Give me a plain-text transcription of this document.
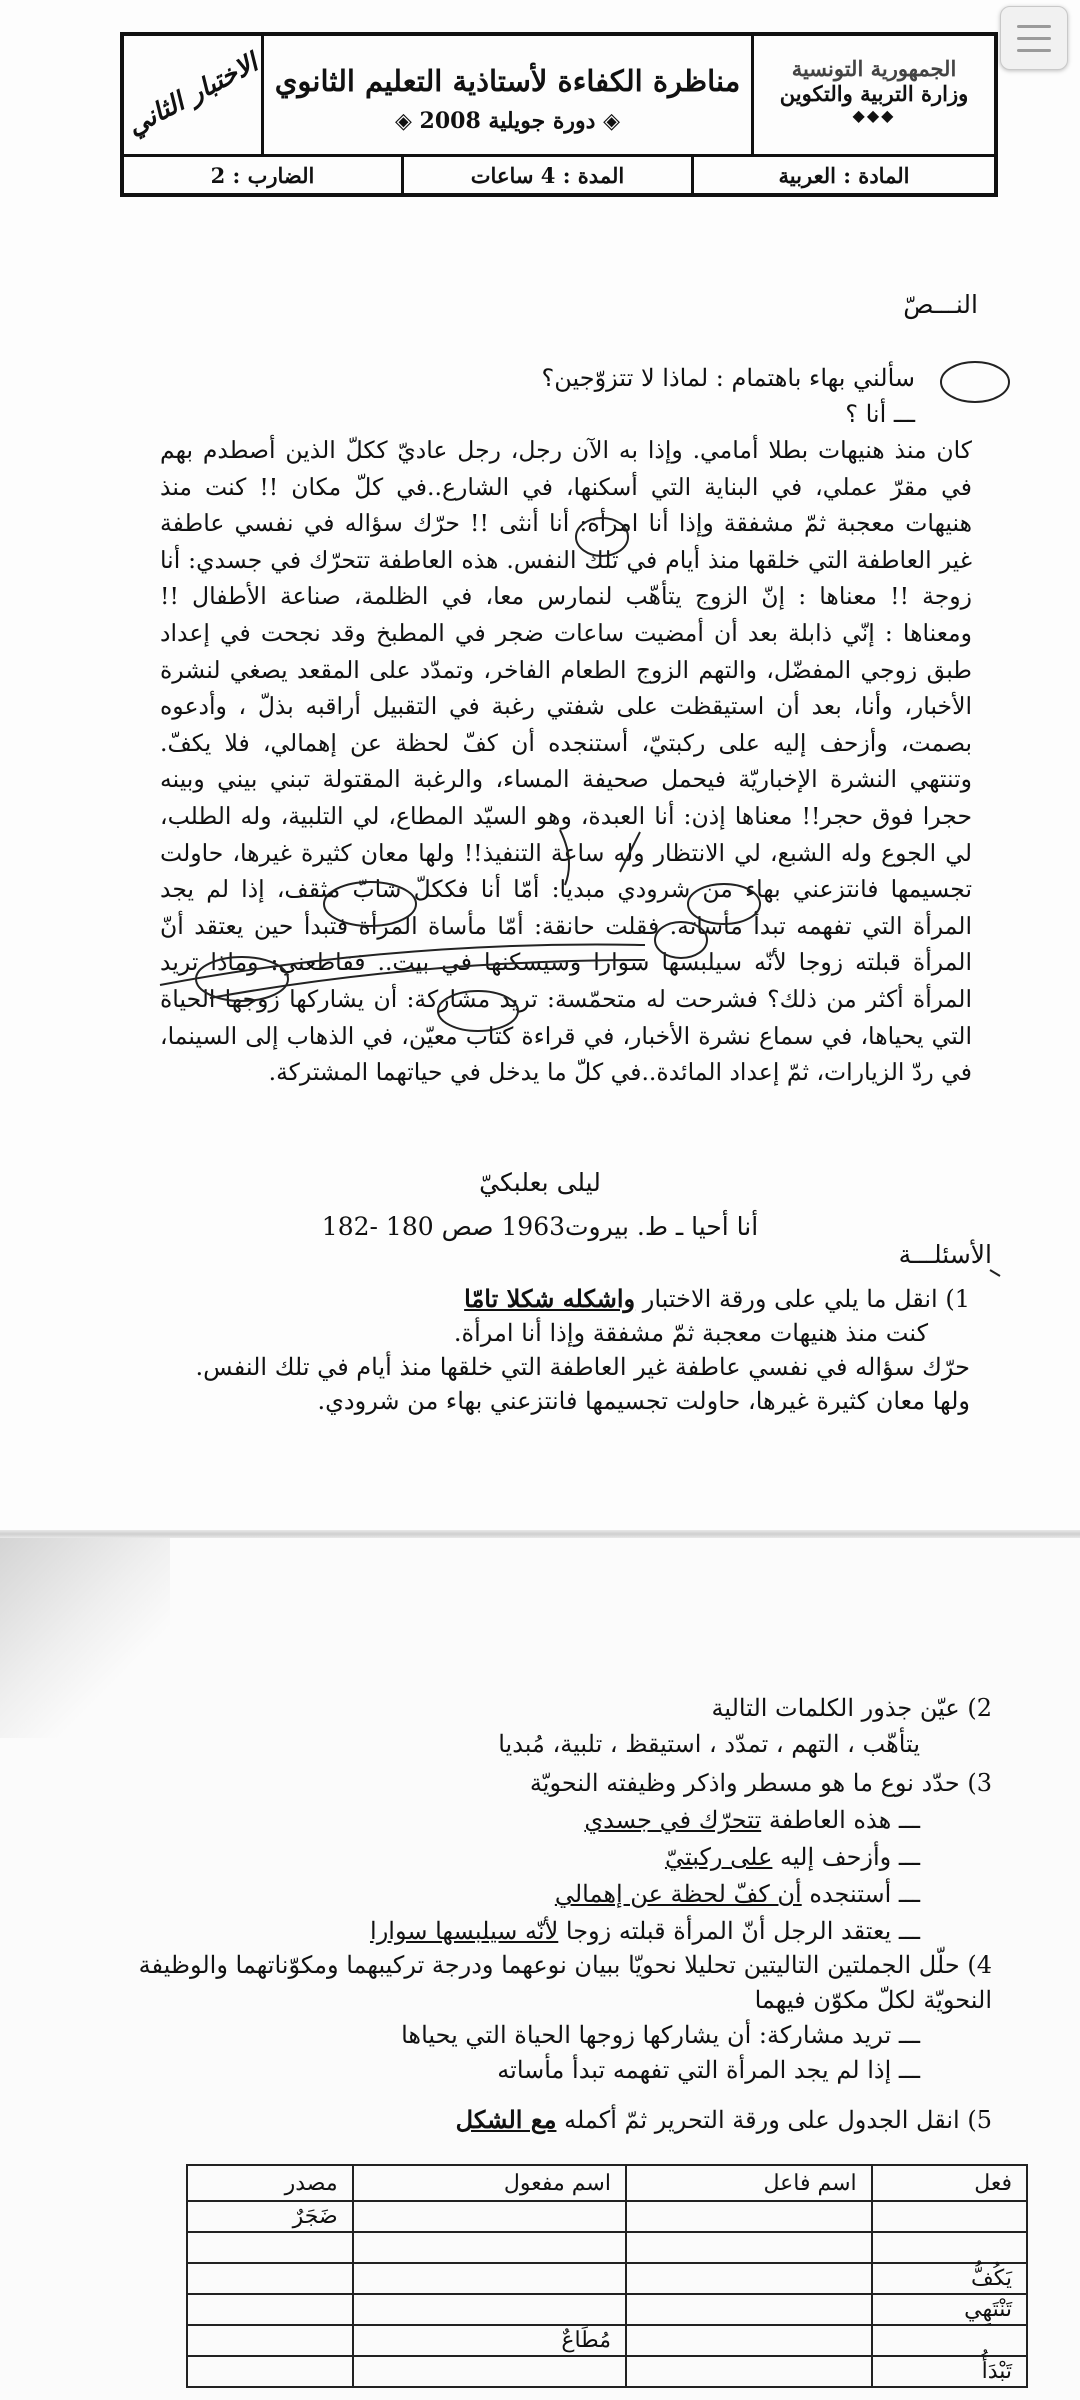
الاختبار الثاني مناظرة الكفاءة لأستاذية التعليم الثانوي
◈ دورة جويلية 2008 ◈
الجمهورية التونسية
وزارة التربية والتكوين
◆◆◆
الضارب : 2	المدة : 4 ساعات	المادة : العربية
النـــصّ
سألني بهاء باهتمام : لماذا لا تتزوّجين؟
ـــ أنا ؟
كان منذ هنيهات بطلا أمامي. وإذا به الآن رجل، رجل عاديّ ككلّ الذين أصطدم بهم في مقرّ عملي، في البناية التي أسكنها، في الشارع..في كلّ مكان !! كنت منذ هنيهات معجبة ثمّ مشفقة وإذا أنا امرأة: أنا أنثى !! حرّك سؤاله في نفسي عاطفة غير العاطفة التي خلقها منذ أيام في تلك النفس. هذه العاطفة تتحرّك في جسدي: أنا زوجة !! معناها : إنّ الزوج يتأهّب لنمارس معا، في الظلمة، صناعة الأطفال !! ومعناها : إنّي ذابلة بعد أن أمضيت ساعات ضجر في المطبخ وقد نجحت في إعداد طبق زوجي المفضّل، والتهم الزوج الطعام الفاخر، وتمدّد على المقعد يصغي لنشرة الأخبار، وأنا، بعد أن استيقظت على شفتي رغبة في التقبيل أراقبه بذلّ ، وأدعوه بصمت، وأزحف إليه على ركبتيّ، أستنجده أن كفّ لحظة عن إهمالي، فلا يكفّ. وتنتهي النشرة الإخباريّة فيحمل صحيفة المساء، والرغبة المقتولة تبني بيني وبينه حجرا فوق حجر!! معناها إذن: أنا العبدة، وهو السيّد المطاع، لي التلبية، وله الطلب، لي الجوع وله الشبع، لي الانتظار وله ساعة التنفيذ!! ولها معان كثيرة غيرها، حاولت تجسيمها فانتزعني بهاء من شرودي مبديا: أمّا أنا فككلّ شابّ مثقف، إذا لم يجد المرأة التي تفهمه تبدأ مأساته. فقلت حانقة: أمّا مأساة المرأة فتبدأ حين يعتقد أنّ المرأة قبلته زوجا لأنّه سيلبسها سوارا وسيسكنها في بيت.. فقاطعني: وماذا تريد المرأة أكثر من ذلك؟ فشرحت له متحمّسة: تريد مشاركة: أن يشاركها زوجها الحياة التي يحياها، في سماع نشرة الأخبار، في قراءة كتاب معيّن، في الذهاب إلى السينما، في ردّ الزيارات، ثمّ إعداد المائدة..في كلّ ما يدخل في حياتهما المشتركة.
ليلى بعلبكيّ
أنا أحيا ـ ط. بيروت1963 صص 180 -182
الأسئلـــة
1) انقل ما يلي على ورقة الاختبار واشكله شكلا تامّا
كنت منذ هنيهات معجبة ثمّ مشفقة وإذا أنا امرأة.
حرّك سؤاله في نفسي عاطفة غير العاطفة التي خلقها منذ أيام في تلك النفس.
ولها معان كثيرة غيرها، حاولت تجسيمها فانتزعني بهاء من شرودي.
2) عيّن جذور الكلمات التالية
يتأهّب ، التهم ، تمدّد ، استيقظ ، تلبية، مُبديا
3) حدّد نوع ما هو مسطر واذكر وظيفته النحويّة
ـــ هذه العاطفة تتحرّك في جسدي
ـــ وأزحف إليه على ركبتيّ
ـــ أستنجده أن كفّ لحظة عن إهمالي
ـــ يعتقد الرجل أنّ المرأة قبلته زوجا لأنّه سيلبسها سوارا
4) حلّل الجملتين التاليتين تحليلا نحويّا ببيان نوعهما ودرجة تركيبهما ومكوّناتهما والوظيفة النحويّة لكلّ مكوّن فيهما
ـــ تريد مشاركة: أن يشاركها زوجها الحياة التي يحياها
ـــ إذا لم يجد المرأة التي تفهمه تبدأ مأساته
5) انقل الجدول على ورقة التحرير ثمّ أكمله مع الشكل
فعل	اسم فاعل	اسم مفعول	مصدر
			ضَجَرٌ

يَكُفُّ			
تَنْتَهِي			
		مُطَاعٌ	
تَبْدَأُ			
